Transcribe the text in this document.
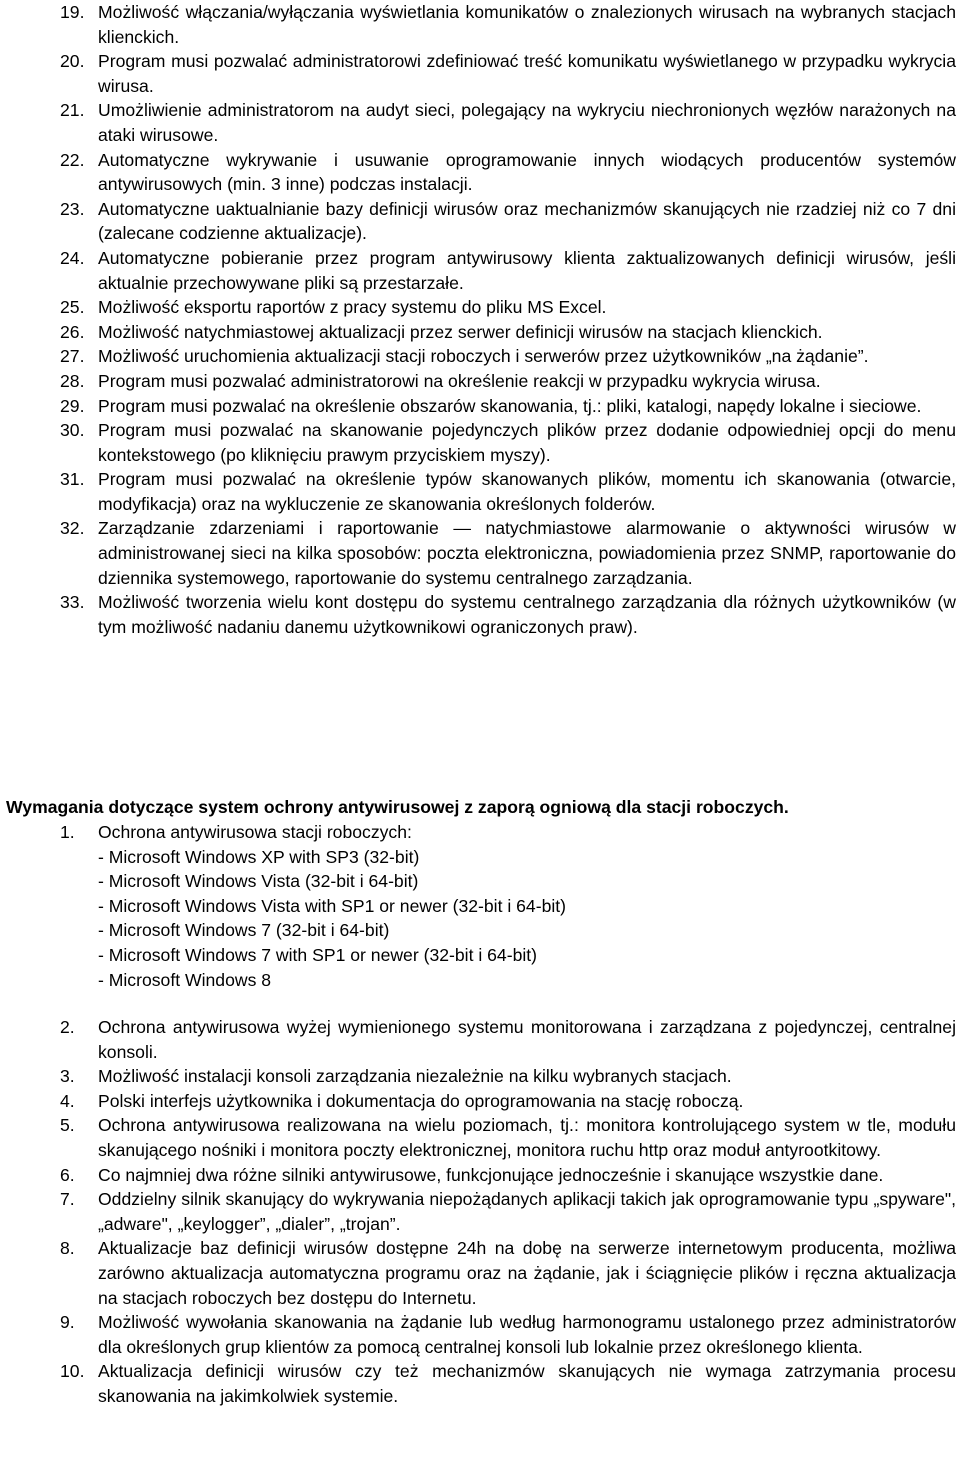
19. Możliwość włączania/wyłączania wyświetlania komunikatów o znalezionych wirusach na wybranych stacjach klienckich.
20. Program musi pozwalać administratorowi zdefiniować treść komunikatu wyświetlanego w przypadku wykrycia wirusa.
21. Umożliwienie administratorom na audyt sieci, polegający na wykryciu niechronionych węzłów narażonych na ataki wirusowe.
22. Automatyczne wykrywanie i usuwanie oprogramowanie innych wiodących producentów systemów antywirusowych (min. 3 inne) podczas instalacji.
23. Automatyczne uaktualnianie bazy definicji wirusów oraz mechanizmów skanujących nie rzadziej niż co 7 dni (zalecane codzienne aktualizacje).
24. Automatyczne pobieranie przez program antywirusowy klienta zaktualizowanych definicji wirusów, jeśli aktualnie przechowywane pliki są przestarzałe.
25. Możliwość eksportu raportów z pracy systemu do pliku MS Excel.
26. Możliwość natychmiastowej aktualizacji przez serwer definicji wirusów na stacjach klienckich.
27. Możliwość uruchomienia aktualizacji stacji roboczych i serwerów przez użytkowników „na żądanie”.
28. Program musi pozwalać administratorowi na określenie reakcji w przypadku wykrycia wirusa.
29. Program musi pozwalać na określenie obszarów skanowania, tj.: pliki, katalogi, napędy lokalne i sieciowe.
30. Program musi pozwalać na skanowanie pojedynczych plików przez dodanie odpowiedniej opcji do menu kontekstowego (po kliknięciu prawym przyciskiem myszy).
31. Program musi pozwalać na określenie typów skanowanych plików, momentu ich skanowania (otwarcie, modyfikacja) oraz na wykluczenie ze skanowania określonych folderów.
32. Zarządzanie zdarzeniami i raportowanie — natychmiastowe alarmowanie o aktywności wirusów w administrowanej sieci na kilka sposobów: poczta elektroniczna, powiadomienia przez SNMP, raportowanie do dziennika systemowego, raportowanie do systemu centralnego zarządzania.
33. Możliwość tworzenia wielu kont dostępu do systemu centralnego zarządzania dla różnych użytkowników (w tym możliwość nadaniu danemu użytkownikowi ograniczonych praw).

Wymagania dotyczące system ochrony antywirusowej z zaporą ogniową dla stacji roboczych.

1. Ochrona antywirusowa stacji roboczych:
- Microsoft Windows XP with SP3 (32-bit)
- Microsoft Windows Vista (32-bit i 64-bit)
- Microsoft Windows Vista with SP1 or newer (32-bit i 64-bit)
- Microsoft Windows 7 (32-bit i 64-bit)
- Microsoft Windows 7 with SP1 or newer (32-bit i 64-bit)
- Microsoft Windows 8
2. Ochrona antywirusowa wyżej wymienionego systemu monitorowana i zarządzana z pojedynczej, centralnej konsoli.
3. Możliwość instalacji konsoli zarządzania niezależnie na kilku wybranych stacjach.
4. Polski interfejs użytkownika i dokumentacja do oprogramowania na stację roboczą.
5. Ochrona antywirusowa realizowana na wielu poziomach, tj.: monitora kontrolującego system w tle, modułu skanującego nośniki i monitora poczty elektronicznej, monitora ruchu http oraz moduł antyrootkitowy.
6. Co najmniej dwa różne silniki antywirusowe, funkcjonujące jednocześnie i skanujące wszystkie dane.
7. Oddzielny silnik skanujący do wykrywania niepożądanych aplikacji takich jak oprogramowanie typu „spyware", „adware", „keylogger”, „dialer”, „trojan”.
8. Aktualizacje baz definicji wirusów dostępne 24h na dobę na serwerze internetowym producenta, możliwa zarówno aktualizacja automatyczna programu oraz na żądanie, jak i ściągnięcie plików i ręczna aktualizacja na stacjach roboczych bez dostępu do Internetu.
9. Możliwość wywołania skanowania na żądanie lub według harmonogramu ustalonego przez administratorów dla określonych grup klientów za pomocą centralnej konsoli lub lokalnie przez określonego klienta.
10. Aktualizacja definicji wirusów czy też mechanizmów skanujących nie wymaga zatrzymania procesu skanowania na jakimkolwiek systemie.
